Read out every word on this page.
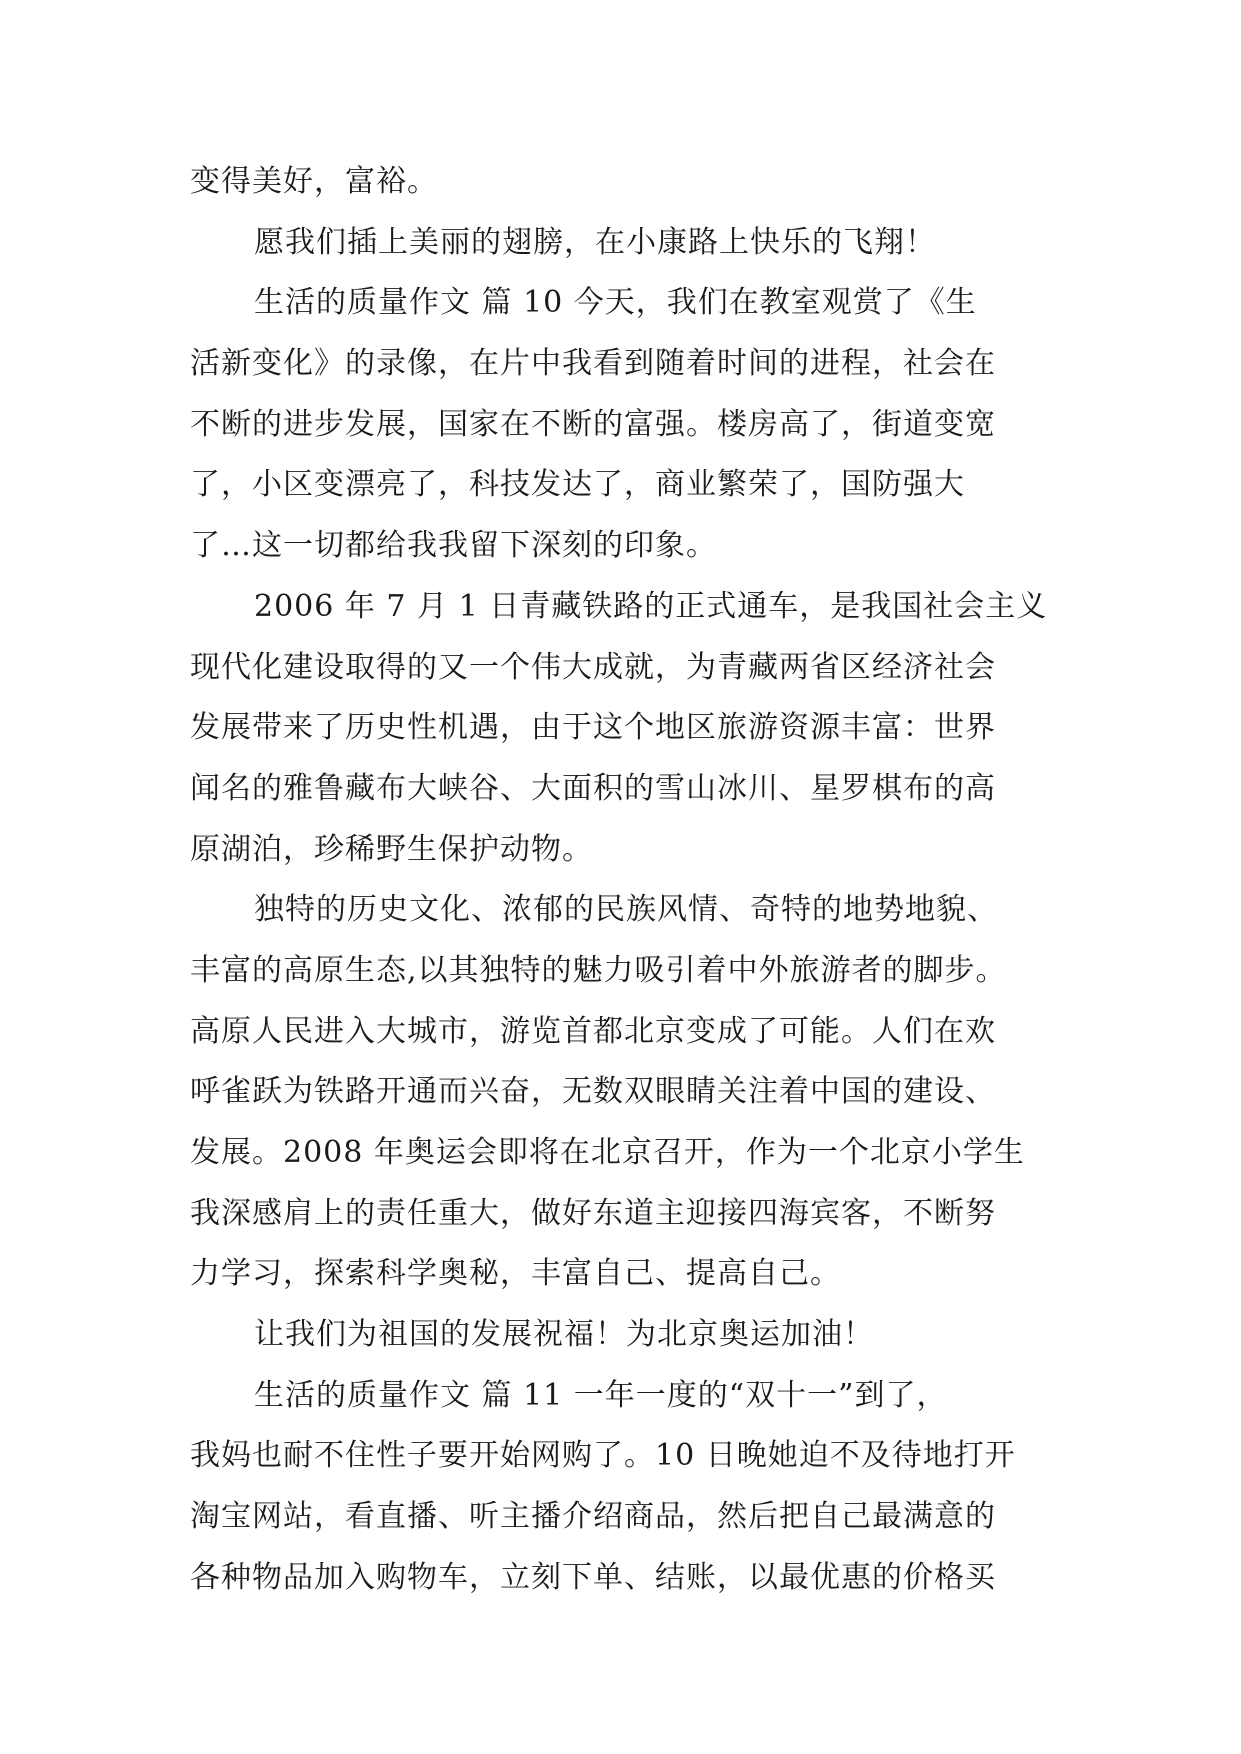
变得美好，富裕。
愿我们插上美丽的翅膀，在小康路上快乐的飞翔！
生活的质量作文 篇 10 今天，我们在教室观赏了《生
活新变化》的录像，在片中我看到随着时间的进程，社会在
不断的进步发展，国家在不断的富强。楼房高了，街道变宽
了，小区变漂亮了，科技发达了，商业繁荣了，国防强大
了…这一切都给我我留下深刻的印象。
2006 年 7 月 1 日青藏铁路的正式通车，是我国社会主义
现代化建设取得的又一个伟大成就，为青藏两省区经济社会
发展带来了历史性机遇，由于这个地区旅游资源丰富：世界
闻名的雅鲁藏布大峡谷、大面积的雪山冰川、星罗棋布的高
原湖泊，珍稀野生保护动物。
独特的历史文化、浓郁的民族风情、奇特的地势地貌、
丰富的高原生态,以其独特的魅力吸引着中外旅游者的脚步。
高原人民进入大城市，游览首都北京变成了可能。人们在欢
呼雀跃为铁路开通而兴奋，无数双眼睛关注着中国的建设、
发展。2008 年奥运会即将在北京召开，作为一个北京小学生
我深感肩上的责任重大，做好东道主迎接四海宾客，不断努
力学习，探索科学奥秘，丰富自己、提高自己。
让我们为祖国的发展祝福！为北京奥运加油！
生活的质量作文 篇 11 一年一度的“双十一”到了，
我妈也耐不住性子要开始网购了。10 日晚她迫不及待地打开
淘宝网站，看直播、听主播介绍商品，然后把自己最满意的
各种物品加入购物车，立刻下单、结账，以最优惠的价格买
